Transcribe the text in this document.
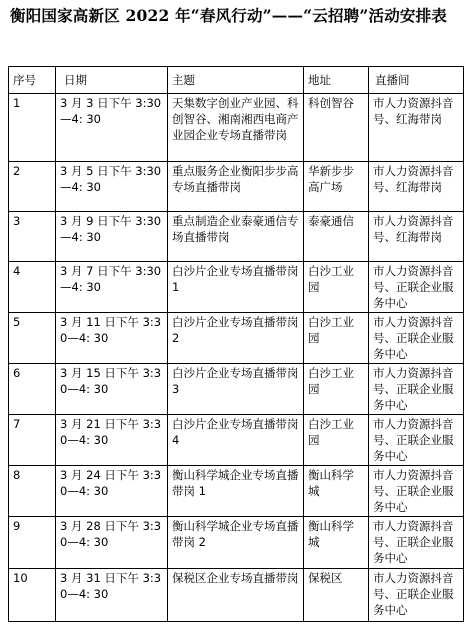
衡阳国家高新区 2022 年“春风行动”——“云招聘”活动安排表
序号	日期	主题	地址	直播间
1	3 月 3 日下午 3:30—4: 30	天集数字创业产业园、科创智谷、湘南湘西电商产业园企业专场直播带岗	科创智谷	市人力资源抖音号、红海带岗
2	3 月 5 日下午 3:30—4: 30	重点服务企业衡阳步步高专场直播带岗	华新步步高广场	市人力资源抖音号、红海带岗
3	3 月 9 日下午 3:30—4: 30	重点制造企业泰豪通信专场直播带岗	泰豪通信	市人力资源抖音号、红海带岗
4	3 月 7 日下午 3:30—4: 30	白沙片企业专场直播带岗 1	白沙工业园	市人力资源抖音号、正联企业服务中心
5	3 月 11 日下午 3:30—4: 30	白沙片企业专场直播带岗 2	白沙工业园	市人力资源抖音号、正联企业服务中心
6	3 月 15 日下午 3:30—4: 30	白沙片企业专场直播带岗 3	白沙工业园	市人力资源抖音号、正联企业服务中心
7	3 月 21 日下午 3:30—4: 30	白沙片企业专场直播带岗 4	白沙工业园	市人力资源抖音号、正联企业服务中心
8	3 月 24 日下午 3:30—4: 30	衡山科学城企业专场直播带岗 1	衡山科学城	市人力资源抖音号、正联企业服务中心
9	3 月 28 日下午 3:30—4: 30	衡山科学城企业专场直播带岗 2	衡山科学城	市人力资源抖音号、正联企业服务中心
10	3 月 31 日下午 3:30—4: 30	保税区企业专场直播带岗	保税区	市人力资源抖音号、正联企业服务中心
